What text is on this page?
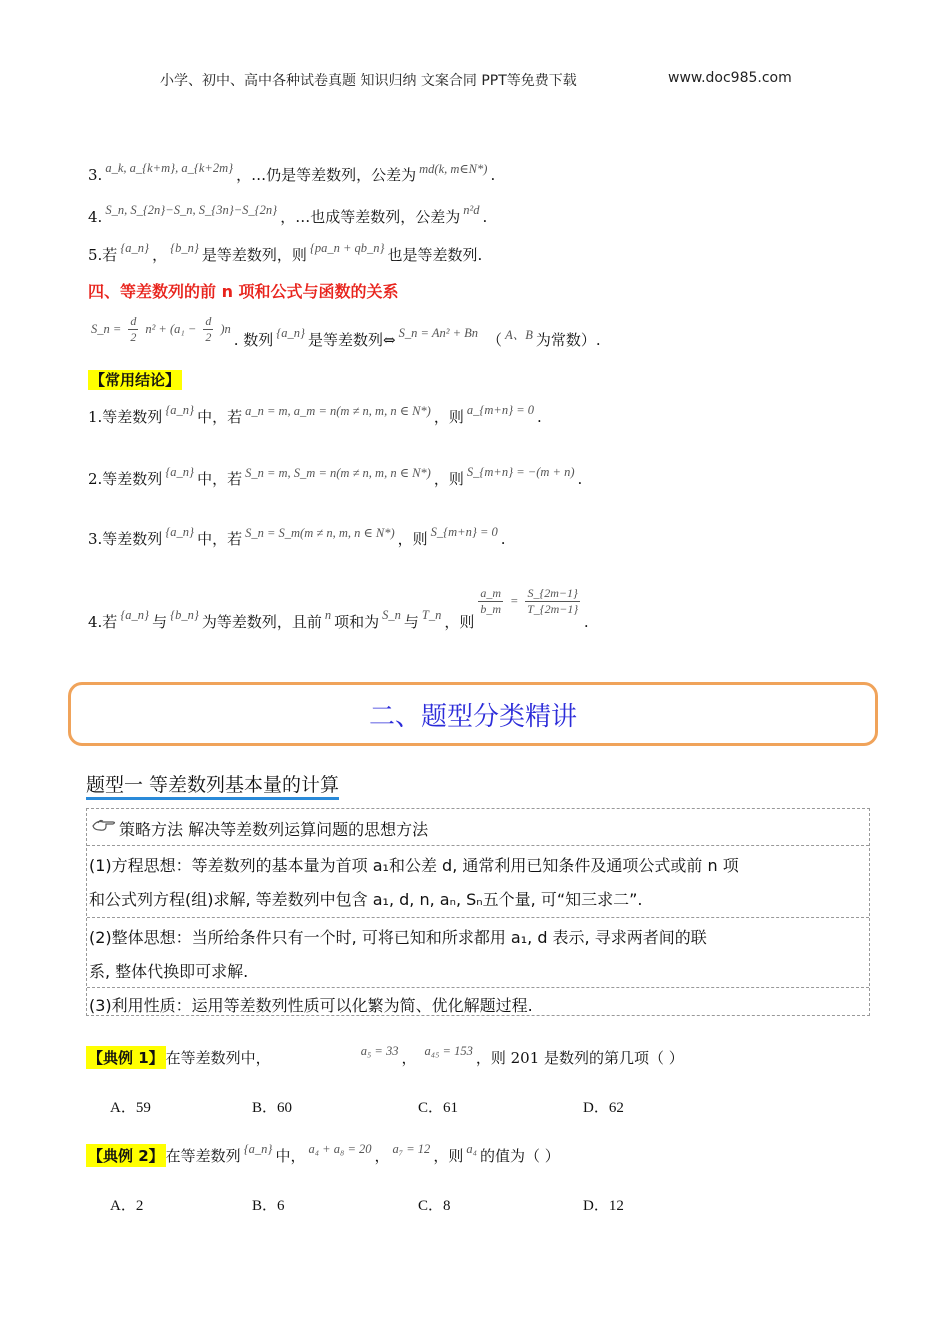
小学、初中、高中各种试卷真题 知识归纳 文案合同 PPT等免费下载	www.doc985.com
3. a_k, a_{k+m}, a_{k+2m} ，…仍是等差数列，公差为 md(k, m∈N*) .
4. S_n, S_{2n}−S_n, S_{3n}−S_{2n} ，…也成等差数列，公差为 n²d .
5.若 {a_n} ， {b_n} 是等差数列，则 {pa_n + qb_n} 也是等差数列.
四、等差数列的前 n 项和公式与函数的关系
S_n = $\frac{d}{2} n^2 + (a_1 - \frac{d}{2} )n$
. 数列 {a_n} 是等差数列⇔ S_n = An² + Bn （ A、B 为常数）.
【常用结论】
1.等差数列 {a_n} 中，若 a_n = m, a_m = n(m ≠ n, m, n ∈ N*) ，则 a_{m+n} = 0 .
2.等差数列 {a_n} 中，若 S_n = m, S_m = n(m ≠ n, m, n ∈ N*) ，则 S_{m+n} = −(m + n) .
3.等差数列 {a_n} 中，若 S_n = S_m(m ≠ n, m, n ∈ N*) ，则 S_{m+n} = 0 .
4.若 {a_n} 与 {b_n} 为等差数列，且前 n 项和为 S_n 与 T_n ，则
$\frac{a\_m}{b\_m} = \frac{S\_\{2m-1\}}{T\_\{2m-1\}}$
.
二、题型分类精讲
题型一 等差数列基本量的计算
策略方法 解决等差数列运算问题的思想方法
(1)方程思想：等差数列的基本量为首项 a₁和公差 d, 通常利用已知条件及通项公式或前 n 项
和公式列方程(组)求解, 等差数列中包含 a₁, d, n, aₙ, Sₙ五个量, 可“知三求二”.
(2)整体思想：当所给条件只有一个时, 可将已知和所求都用 a₁, d 表示, 寻求两者间的联
系, 整体代换即可求解.
(3)利用性质：运用等差数列性质可以化繁为简、优化解题过程.
【典例 1】 在等差数列中，	a₅ = 33 ， a₄₅ = 153 ，则 201 是数列的第几项（ ）
A．59	B．60	C．61	D．62
【典例 2】 在等差数列 {a_n} 中， a₄ + a₈ = 20 ， a₇ = 12 ，则 a₄ 的值为（ ）
A．2	B．6	C．8	D．12
